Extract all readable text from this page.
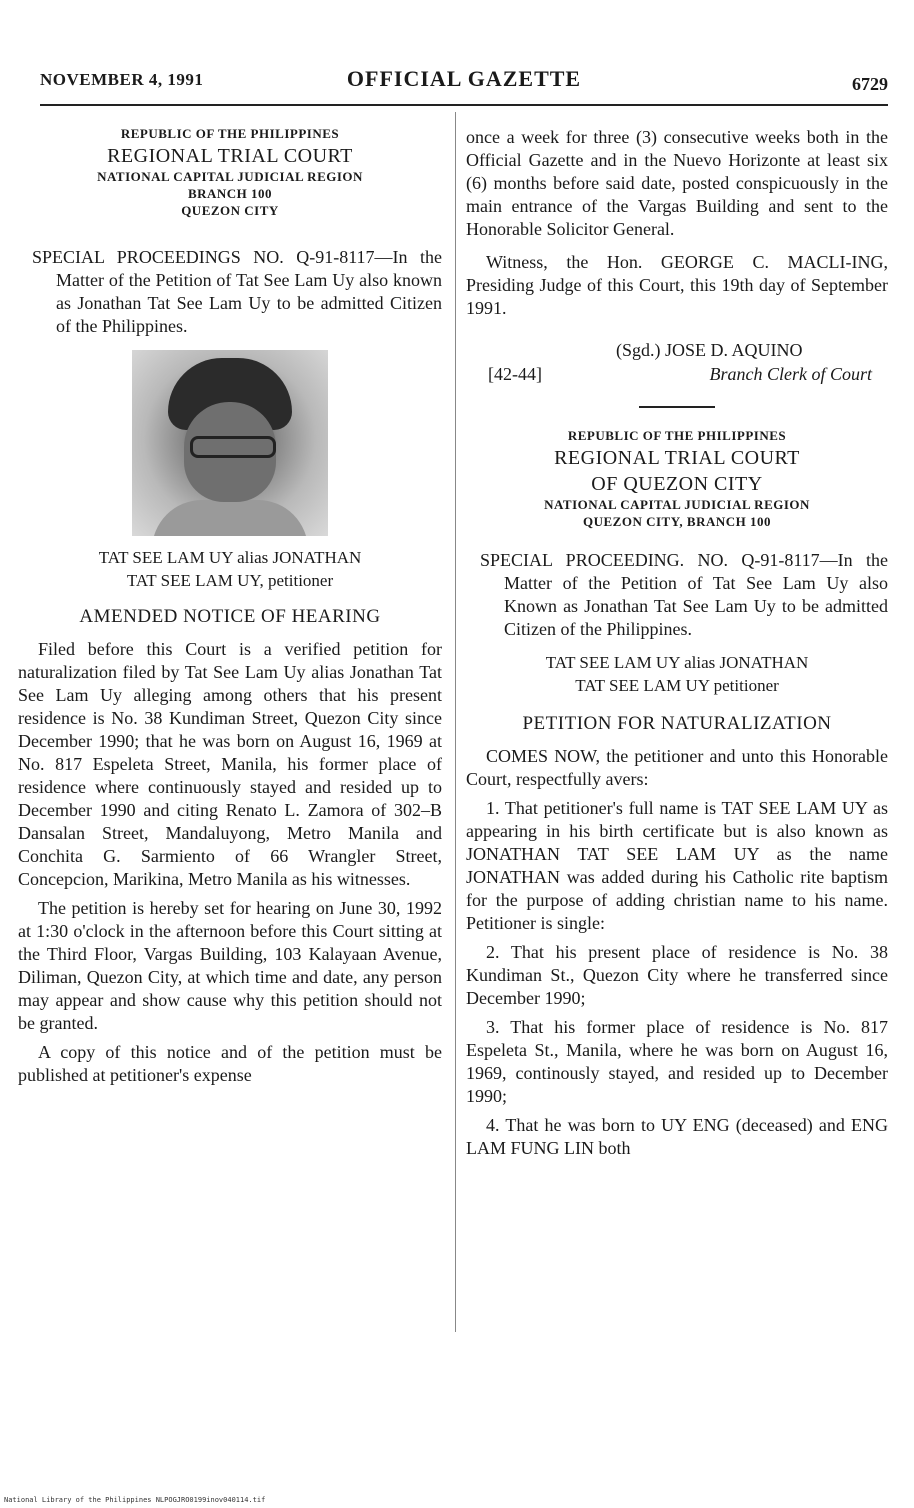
NOVEMBER 4, 1991	OFFICIAL GAZETTE	6729
REPUBLIC OF THE PHILIPPINES
REGIONAL TRIAL COURT
NATIONAL CAPITAL JUDICIAL REGION
BRANCH 100
QUEZON CITY

SPECIAL PROCEEDINGS NO. Q-91-8117—In the Matter of the Petition of Tat See Lam Uy also known as Jonathan Tat See Lam Uy to be admitted Citizen of the Philippines.

TAT SEE LAM UY alias JONATHAN
TAT SEE LAM UY, petitioner
AMENDED NOTICE OF HEARING

Filed before this Court is a verified petition for naturalization filed by Tat See Lam Uy alias Jonathan Tat See Lam Uy alleging among others that his present residence is No. 38 Kundiman Street, Quezon City since December 1990; that he was born on August 16, 1969 at No. 817 Espeleta Street, Manila, his former place of residence where continuously stayed and resided up to December 1990 and citing Renato L. Zamora of 302–B Dansalan Street, Mandaluyong, Metro Manila and Conchita G. Sarmiento of 66 Wrangler Street, Concepcion, Marikina, Metro Manila as his witnesses.

The petition is hereby set for hearing on June 30, 1992 at 1:30 o'clock in the afternoon before this Court sitting at the Third Floor, Vargas Building, 103 Kalayaan Avenue, Diliman, Quezon City, at which time and date, any person may appear and show cause why this petition should not be granted.

A copy of this notice and of the petition must be published at petitioner's expense

once a week for three (3) consecutive weeks both in the Official Gazette and in the Nuevo Horizonte at least six (6) months before said date, posted conspicuously in the main entrance of the Vargas Building and sent to the Honorable Solicitor General.

Witness, the Hon. GEORGE C. MACLI-ING, Presiding Judge of this Court, this 19th day of September 1991.

(Sgd.) JOSE D. AQUINO
[42-44]	Branch Clerk of Court
REPUBLIC OF THE PHILIPPINES
REGIONAL TRIAL COURT
OF QUEZON CITY
NATIONAL CAPITAL JUDICIAL REGION
QUEZON CITY, BRANCH 100

SPECIAL PROCEEDING. NO. Q-91-8117—In the Matter of the Petition of Tat See Lam Uy also Known as Jonathan Tat See Lam Uy to be admitted Citizen of the Philippines.

TAT SEE LAM UY alias JONATHAN
TAT SEE LAM UY petitioner
PETITION FOR NATURALIZATION

COMES NOW, the petitioner and unto this Honorable Court, respectfully avers:

1. That petitioner's full name is TAT SEE LAM UY as appearing in his birth certificate but is also known as JONATHAN TAT SEE LAM UY as the name JONATHAN was added during his Catholic rite baptism for the purpose of adding christian name to his name. Petitioner is single:

2. That his present place of residence is No. 38 Kundiman St., Quezon City where he transferred since December 1990;

3. That his former place of residence is No. 817 Espeleta St., Manila, where he was born on August 16, 1969, continously stayed, and resided up to December 1990;

4. That he was born to UY ENG (deceased) and ENG LAM FUNG LIN both

National Library of the Philippines NLPOGJRO0199inov040114.tif
